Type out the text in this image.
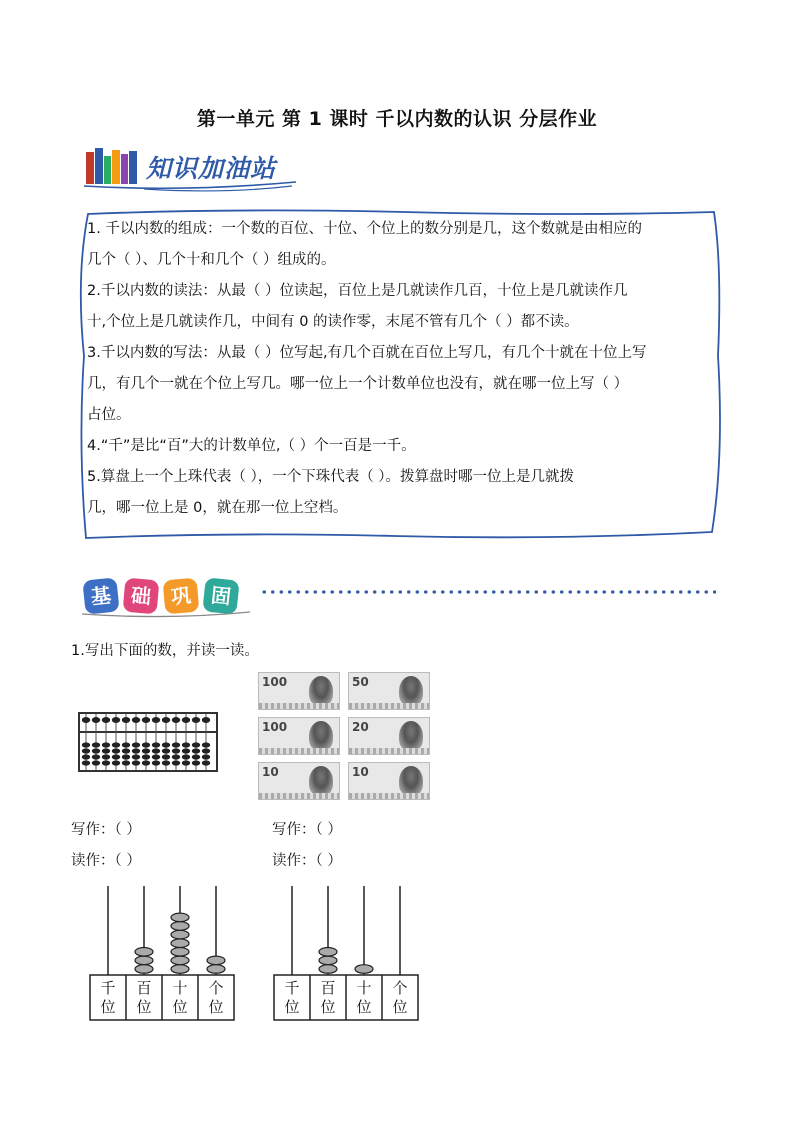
第一单元 第 1 课时 千以内数的认识 分层作业
知识加油站
1. 千以内数的组成：一个数的百位、十位、个位上的数分别是几，这个数就是由相应的
几个（ ）、几个十和几个（ ）组成的。
2.千以内数的读法：从最（ ）位读起，百位上是几就读作几百，十位上是几就读作几
十,个位上是几就读作几，中间有 0 的读作零，末尾不管有几个（ ）都不读。
3.千以内数的写法：从最（ ）位写起,有几个百就在百位上写几，有几个十就在十位上写
几，有几个一就在个位上写几。哪一位上一个计数单位也没有，就在哪一位上写（ ）
占位。
4.“千”是比“百”大的计数单位,（ ）个一百是一千。
5.算盘上一个上珠代表（ ），一个下珠代表（ ）。拨算盘时哪一位上是几就拨
几，哪一位上是 0，就在那一位上空档。
基 础 巩 固
1.写出下面的数，并读一读。
100	50
100	20
10	10
写作：（ ）
读作：（ ）
写作：（ ）
读作：（ ）
千
位
百
位
十
位
个
位
千
位
百
位
十
位
个
位
